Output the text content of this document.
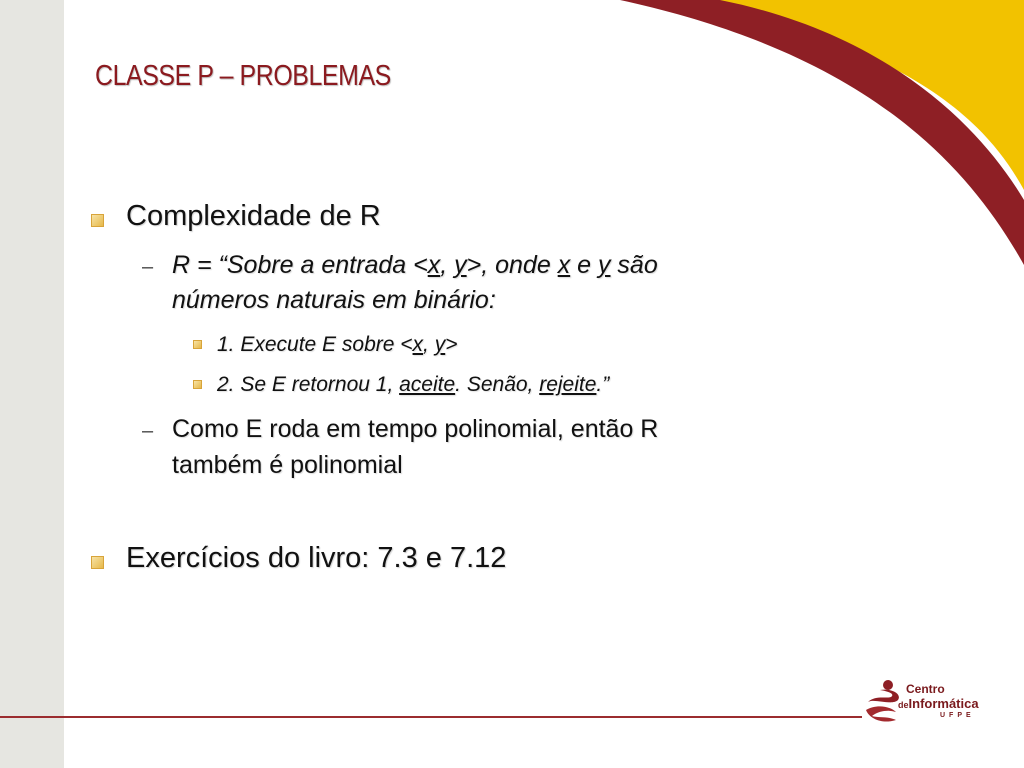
CLASSE P – PROBLEMAS
Complexidade de R
– R = “Sobre a entrada <x, y>, onde x e y são
números naturais em binário:
1. Execute E sobre <x, y>
2. Se E retornou 1, aceite. Senão, rejeite.”
– Como E roda em tempo polinomial, então R
também é polinomial
Exercícios do livro: 7.3 e 7.12
Centro
deInformática
UFPE
